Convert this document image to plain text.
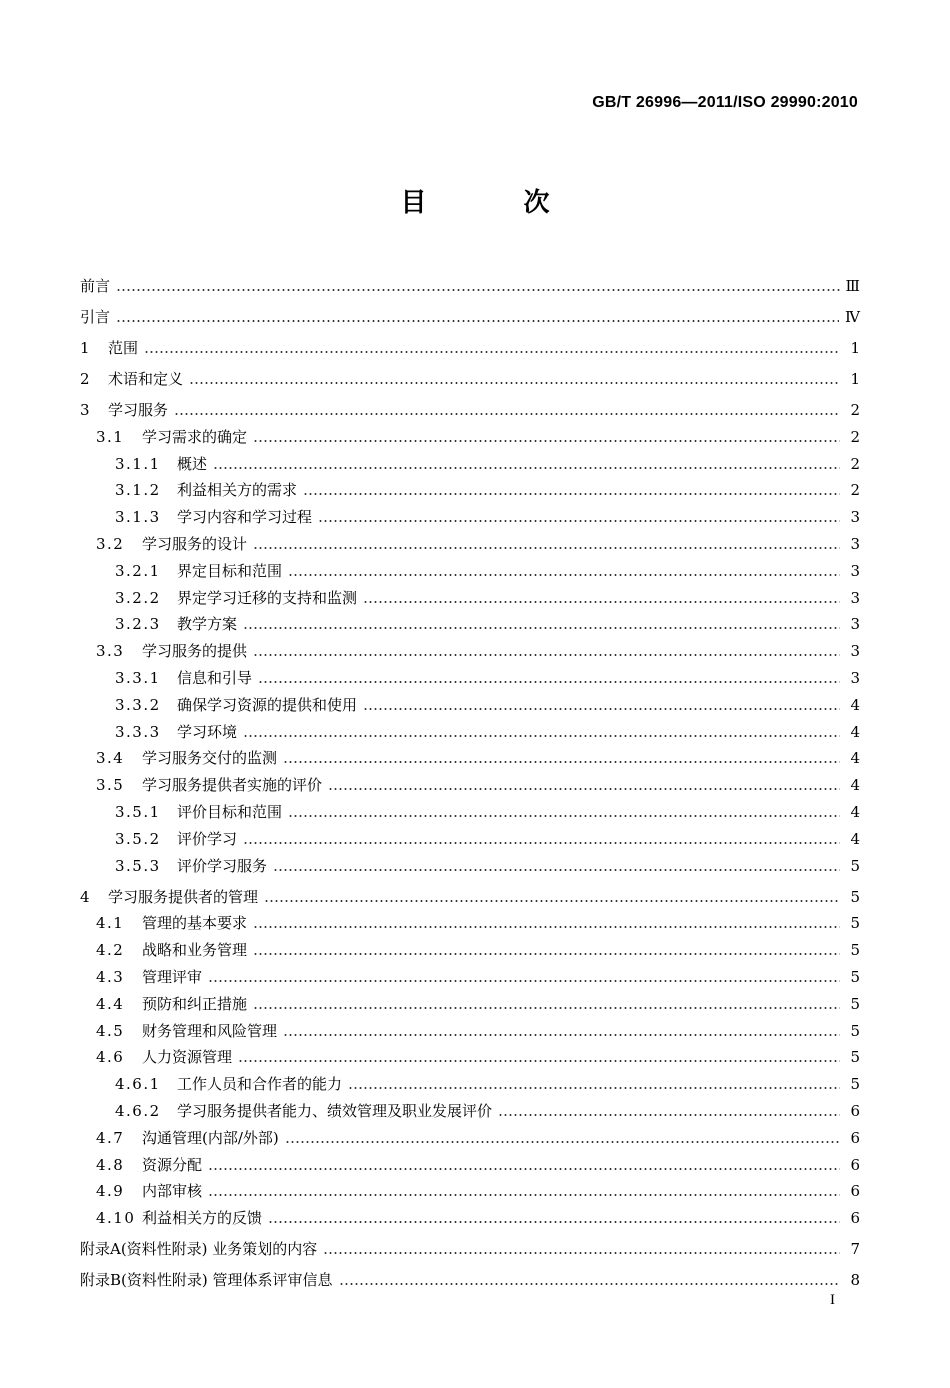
GB/T 26996—2011/ISO 29990:2010
目 次
前言	Ⅲ
引言	Ⅳ
1	范围	1
2	术语和定义	1
3	学习服务	2
3.1	学习需求的确定	2
3.1.1	概述	2
3.1.2	利益相关方的需求	2
3.1.3	学习内容和学习过程	3
3.2	学习服务的设计	3
3.2.1	界定目标和范围	3
3.2.2	界定学习迁移的支持和监测	3
3.2.3	教学方案	3
3.3	学习服务的提供	3
3.3.1	信息和引导	3
3.3.2	确保学习资源的提供和使用	4
3.3.3	学习环境	4
3.4	学习服务交付的监测	4
3.5	学习服务提供者实施的评价	4
3.5.1	评价目标和范围	4
3.5.2	评价学习	4
3.5.3	评价学习服务	5
4	学习服务提供者的管理	5
4.1	管理的基本要求	5
4.2	战略和业务管理	5
4.3	管理评审	5
4.4	预防和纠正措施	5
4.5	财务管理和风险管理	5
4.6	人力资源管理	5
4.6.1	工作人员和合作者的能力	5
4.6.2	学习服务提供者能力、绩效管理及职业发展评价	6
4.7	沟通管理(内部/外部)	6
4.8	资源分配	6
4.9	内部审核	6
4.10 利益相关方的反馈	6
附录A(资料性附录) 业务策划的内容	7
附录B(资料性附录) 管理体系评审信息	8
I
